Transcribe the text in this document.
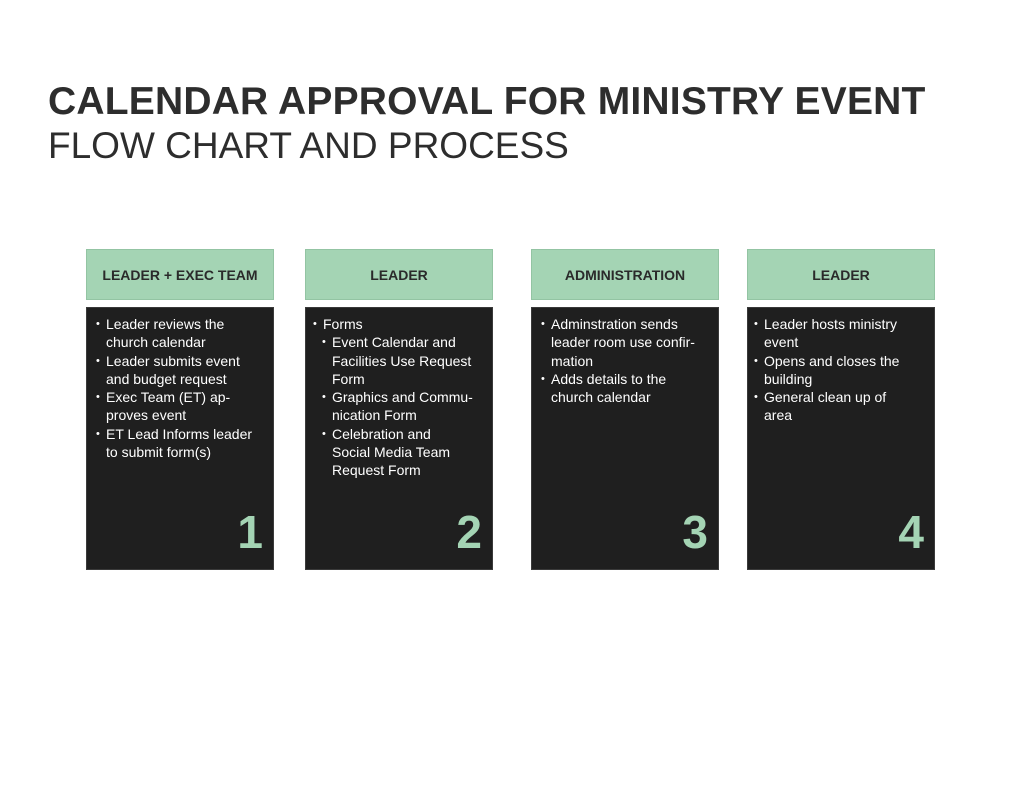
CALENDAR APPROVAL FOR MINISTRY EVENT
FLOW CHART AND PROCESS
LEADER + EXEC TEAM
• Leader reviews the
church calendar
• Leader submits event
and budget request
• Exec Team (ET) ap-
proves event
• ET Lead Informs leader
to submit form(s)
1
LEADER
• Forms
• Event Calendar and
Facilities Use Request
Form
• Graphics and Commu-
nication Form
• Celebration and
Social Media Team
Request Form
2
ADMINISTRATION
• Adminstration sends
leader room use confir-
mation
• Adds details to the
church calendar
3
LEADER
• Leader hosts ministry
event
• Opens and closes the
building
• General clean up of
area
4
